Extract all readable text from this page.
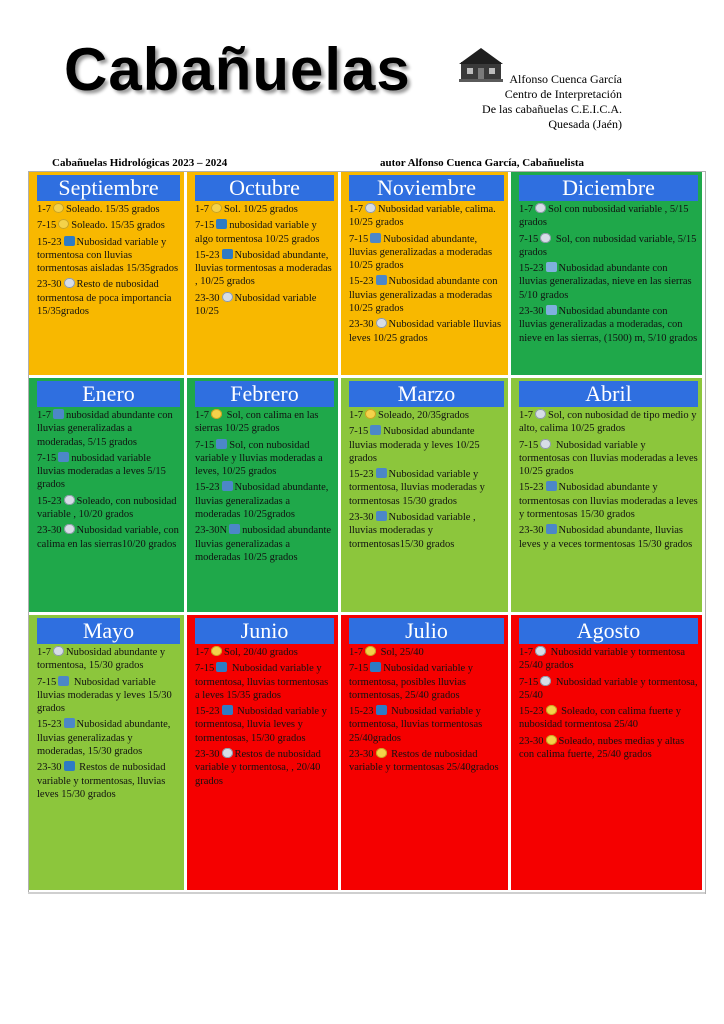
Cabañuelas	Alfonso Cuenca García
Centro de Interpretación
De las cabañuelas C.E.I.C.A.
Quesada (Jaén)
Cabañuelas Hidrológicas 2023 – 2024	autor Alfonso Cuenca García, Cabañuelista
Septiembre

1-7 Soleado. 15/35 grados

7-15 Soleado. 15/35 grados

15-23 Nubosidad variable y tormentosa con lluvias tormentosas aisladas 15/35grados

23-30 Resto de nubosidad tormentosa de poca importancia 15/35grados

Octubre

1-7 Sol. 10/25 grados

7-15 nubosidad variable y algo tormentosa 10/25 grados

15-23 Nubosidad abundante, lluvias tormentosas a moderadas , 10/25 grados

23-30 Nubosidad variable 10/25

Noviembre

1-7 Nubosidad variable, calima. 10/25 grados

7-15 Nubosidad abundante, lluvias generalizadas a moderadas 10/25 grados

15-23 Nubosidad abundante con lluvias generalizadas a moderadas 10/25 grados

23-30 Nubosidad variable lluvias leves 10/25 grados

Diciembre

1-7 Sol con nubosidad variable , 5/15 grados

7-15 Sol, con nubosidad variable, 5/15 grados

15-23 Nubosidad abundante con lluvias generalizadas, nieve en las sierras 5/10 grados

23-30 Nubosidad abundante con lluvias generalizadas a moderadas, con nieve en las sierras, (1500) m, 5/10 grados

Enero

1-7 nubosidad abundante con lluvias generalizadas a moderadas, 5/15 grados

7-15 nubosidad variable lluvias moderadas a leves 5/15 grados

15-23 Soleado, con nubosidad variable , 10/20 grados

23-30 Nubosidad variable, con calima en las sierras10/20 grados

Febrero

1-7 Sol, con calima en las sierras 10/25 grados

7-15 Sol, con nubosidad variable y lluvias moderadas a leves, 10/25 grados

15-23 Nubosidad abundante, lluvias generalizadas a moderadas 10/25grados

23-30N nubosidad abundante lluvias generalizadas a moderadas 10/25 grados

Marzo

1-7 Soleado, 20/35grados

7-15 Nubosidad abundante lluvias moderada y leves 10/25 grados

15-23 Nubosidad variable y tormentosa, lluvias moderadas y tormentosas 15/30 grados

23-30 Nubosidad variable , lluvias moderadas y tormentosas15/30 grados

Abril

1-7 Sol, con nubosidad de tipo medio y alto, calima 10/25 grados

7-15 Nubosidad variable y tormentosas con lluvias moderadas a leves 10/25 grados

15-23 Nubosidad abundante y tormentosas con lluvias moderadas a leves y tormentosas 15/30 grados

23-30 Nubosidad abundante, lluvias leves y a veces tormentosas 15/30 grados

Mayo

1-7 Nubosidad abundante y tormentosa, 15/30 grados

7-15 Nubosidad variable lluvias moderadas y leves 15/30 grados

15-23 Nubosidad abundante, lluvias generalizadas y moderadas, 15/30 grados

23-30 Restos de nubosidad variable y tormentosas, lluvias leves 15/30 grados

Junio

1-7 Sol, 20/40 grados

7-15 Nubosidad variable y tormentosa, lluvias tormentosas a leves 15/35 grados

15-23 Nubosidad variable y tormentosa, lluvia leves y tormentosas, 15/30 grados

23-30 Restos de nubosidad variable y tormentosa, , 20/40 grados

Julio

1-7 Sol, 25/40

7-15 Nubosidad variable y tormentosa, posibles lluvias tormentosas, 25/40 grados

15-23 Nubosidad variable y tormentosa, lluvias tormentosas 25/40grados

23-30 Restos de nubosidad variable y tormentosas 25/40grados

Agosto

1-7 Nubosidd variable y tormentosa 25/40 grados

7-15 Nubosidad variable y tormentosa, 25/40

15-23 Soleado, con calima fuerte y nubosidad tormentosa 25/40

23-30 Soleado, nubes medias y altas con calima fuerte, 25/40 grados
